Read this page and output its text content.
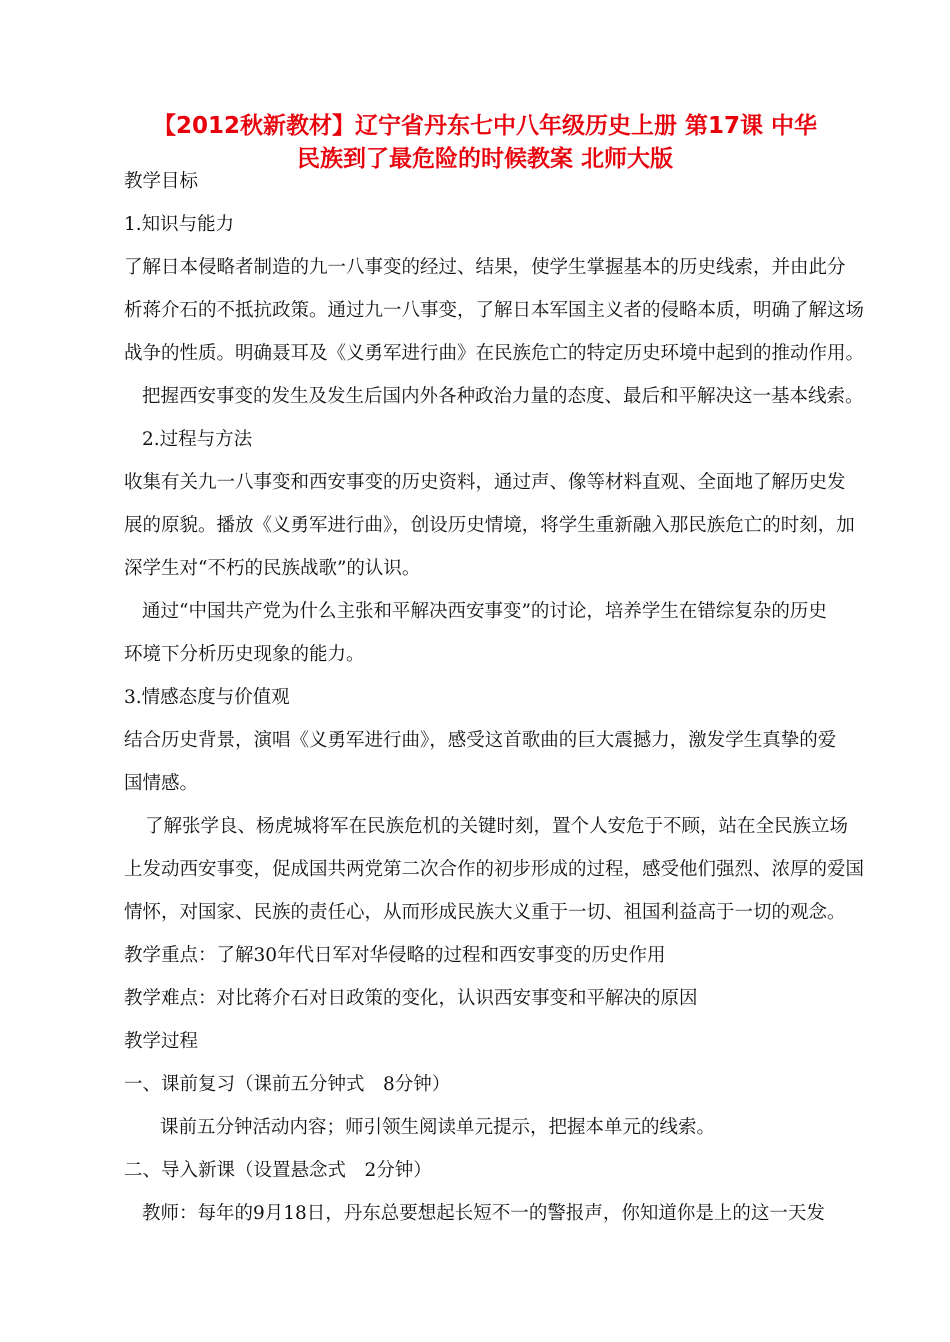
【2012秋新教材】辽宁省丹东七中八年级历史上册 第17课 中华
民族到了最危险的时候教案 北师大版

教学目标

1.知识与能力

了解日本侵略者制造的九一八事变的经过、结果，使学生掌握基本的历史线索，并由此分

析蒋介石的不抵抗政策。通过九一八事变，了解日本军国主义者的侵略本质，明确了解这场

战争的性质。明确聂耳及《义勇军进行曲》在民族危亡的特定历史环境中起到的推动作用。

把握西安事变的发生及发生后国内外各种政治力量的态度、最后和平解决这一基本线索。

2.过程与方法

收集有关九一八事变和西安事变的历史资料，通过声、像等材料直观、全面地了解历史发

展的原貌。播放《义勇军进行曲》，创设历史情境，将学生重新融入那民族危亡的时刻，加

深学生对“不朽的民族战歌”的认识。

通过“中国共产党为什么主张和平解决西安事变”的讨论，培养学生在错综复杂的历史

环境下分析历史现象的能力。

3.情感态度与价值观

结合历史背景，演唱《义勇军进行曲》，感受这首歌曲的巨大震撼力，激发学生真挚的爱

国情感。

了解张学良、杨虎城将军在民族危机的关键时刻，置个人安危于不顾，站在全民族立场

上发动西安事变，促成国共两党第二次合作的初步形成的过程，感受他们强烈、浓厚的爱国

情怀，对国家、民族的责任心，从而形成民族大义重于一切、祖国利益高于一切的观念。

教学重点：了解30年代日军对华侵略的过程和西安事变的历史作用

教学难点：对比蒋介石对日政策的变化，认识西安事变和平解决的原因

教学过程

一、课前复习（课前五分钟式　8分钟）

课前五分钟活动内容；师引领生阅读单元提示，把握本单元的线索。

二、导入新课（设置悬念式　2分钟）

教师：每年的9月18日，丹东总要想起长短不一的警报声，你知道你是上的这一天发
